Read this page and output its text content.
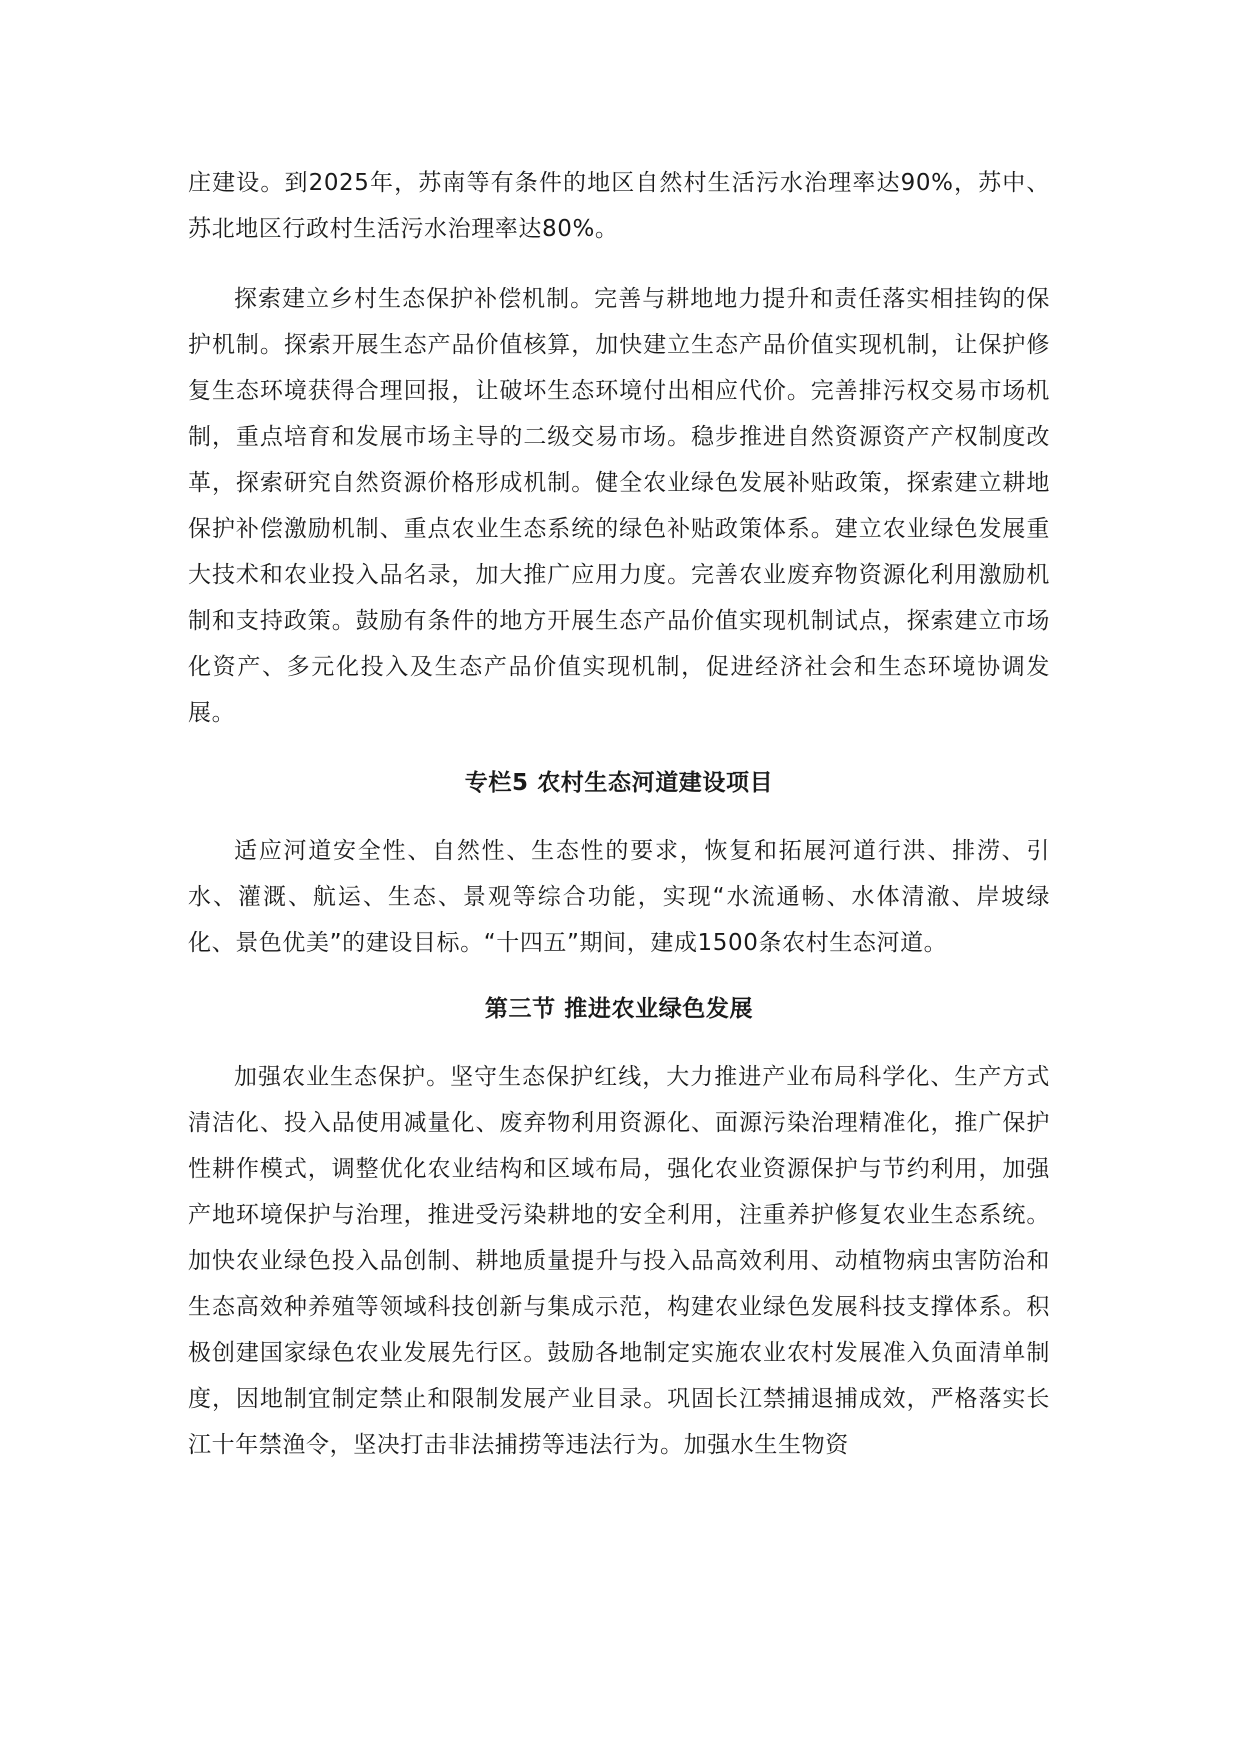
庄建设。到2025年，苏南等有条件的地区自然村生活污水治理率达90%，苏中、苏北地区行政村生活污水治理率达80%。

探索建立乡村生态保护补偿机制。完善与耕地地力提升和责任落实相挂钩的保护机制。探索开展生态产品价值核算，加快建立生态产品价值实现机制，让保护修复生态环境获得合理回报，让破坏生态环境付出相应代价。完善排污权交易市场机制，重点培育和发展市场主导的二级交易市场。稳步推进自然资源资产产权制度改革，探索研究自然资源价格形成机制。健全农业绿色发展补贴政策，探索建立耕地保护补偿激励机制、重点农业生态系统的绿色补贴政策体系。建立农业绿色发展重大技术和农业投入品名录，加大推广应用力度。完善农业废弃物资源化利用激励机制和支持政策。鼓励有条件的地方开展生态产品价值实现机制试点，探索建立市场化资产、多元化投入及生态产品价值实现机制，促进经济社会和生态环境协调发展。

专栏5 农村生态河道建设项目

适应河道安全性、自然性、生态性的要求，恢复和拓展河道行洪、排涝、引水、灌溉、航运、生态、景观等综合功能，实现“水流通畅、水体清澈、岸坡绿化、景色优美”的建设目标。“十四五”期间，建成1500条农村生态河道。

第三节 推进农业绿色发展

加强农业生态保护。坚守生态保护红线，大力推进产业布局科学化、生产方式清洁化、投入品使用减量化、废弃物利用资源化、面源污染治理精准化，推广保护性耕作模式，调整优化农业结构和区域布局，强化农业资源保护与节约利用，加强产地环境保护与治理，推进受污染耕地的安全利用，注重养护修复农业生态系统。加快农业绿色投入品创制、耕地质量提升与投入品高效利用、动植物病虫害防治和生态高效种养殖等领域科技创新与集成示范，构建农业绿色发展科技支撑体系。积极创建国家绿色农业发展先行区。鼓励各地制定实施农业农村发展准入负面清单制度，因地制宜制定禁止和限制发展产业目录。巩固长江禁捕退捕成效，严格落实长江十年禁渔令，坚决打击非法捕捞等违法行为。加强水生生物资
